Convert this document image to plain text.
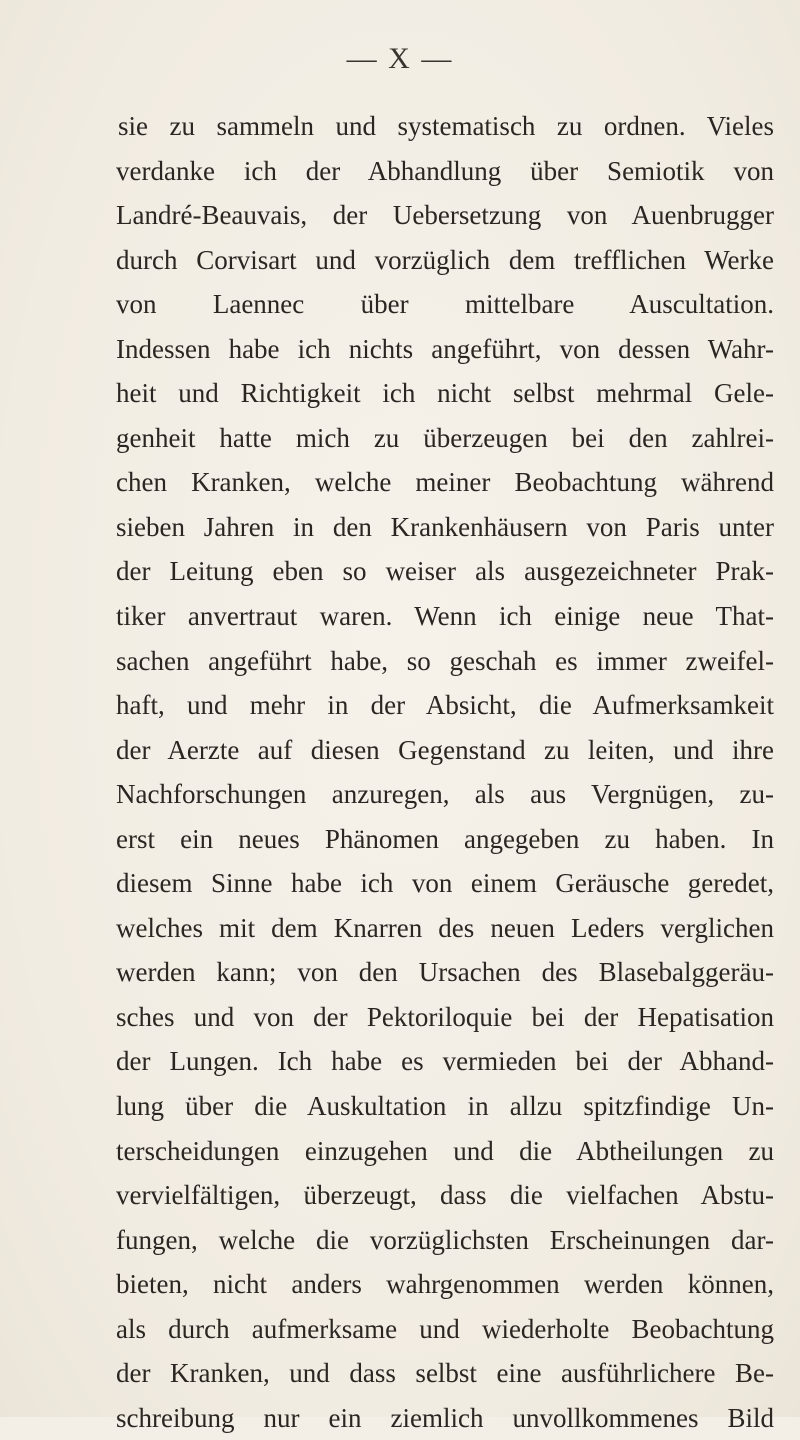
— X —
sie zu sammeln und systematisch zu ordnen. Vieles
verdanke ich der Abhandlung über Semiotik von
Landré-Beauvais, der Uebersetzung von Auenbrugger
durch Corvisart und vorzüglich dem trefflichen Werke
von Laennec über mittelbare Auscultation.
Indessen habe ich nichts angeführt, von dessen Wahr-
heit und Richtigkeit ich nicht selbst mehrmal Gele-
genheit hatte mich zu überzeugen bei den zahlrei-
chen Kranken, welche meiner Beobachtung während
sieben Jahren in den Krankenhäusern von Paris unter
der Leitung eben so weiser als ausgezeichneter Prak-
tiker anvertraut waren. Wenn ich einige neue That-
sachen angeführt habe, so geschah es immer zweifel-
haft, und mehr in der Absicht, die Aufmerksamkeit
der Aerzte auf diesen Gegenstand zu leiten, und ihre
Nachforschungen anzuregen, als aus Vergnügen, zu-
erst ein neues Phänomen angegeben zu haben. In
diesem Sinne habe ich von einem Geräusche geredet,
welches mit dem Knarren des neuen Leders verglichen
werden kann; von den Ursachen des Blasebalggeräu-
sches und von der Pektoriloquie bei der Hepatisation
der Lungen. Ich habe es vermieden bei der Abhand-
lung über die Auskultation in allzu spitzfindige Un-
terscheidungen einzugehen und die Abtheilungen zu
vervielfältigen, überzeugt, dass die vielfachen Abstu-
fungen, welche die vorzüglichsten Erscheinungen dar-
bieten, nicht anders wahrgenommen werden können,
als durch aufmerksame und wiederholte Beobachtung
der Kranken, und dass selbst eine ausführlichere Be-
schreibung nur ein ziemlich unvollkommenes Bild
